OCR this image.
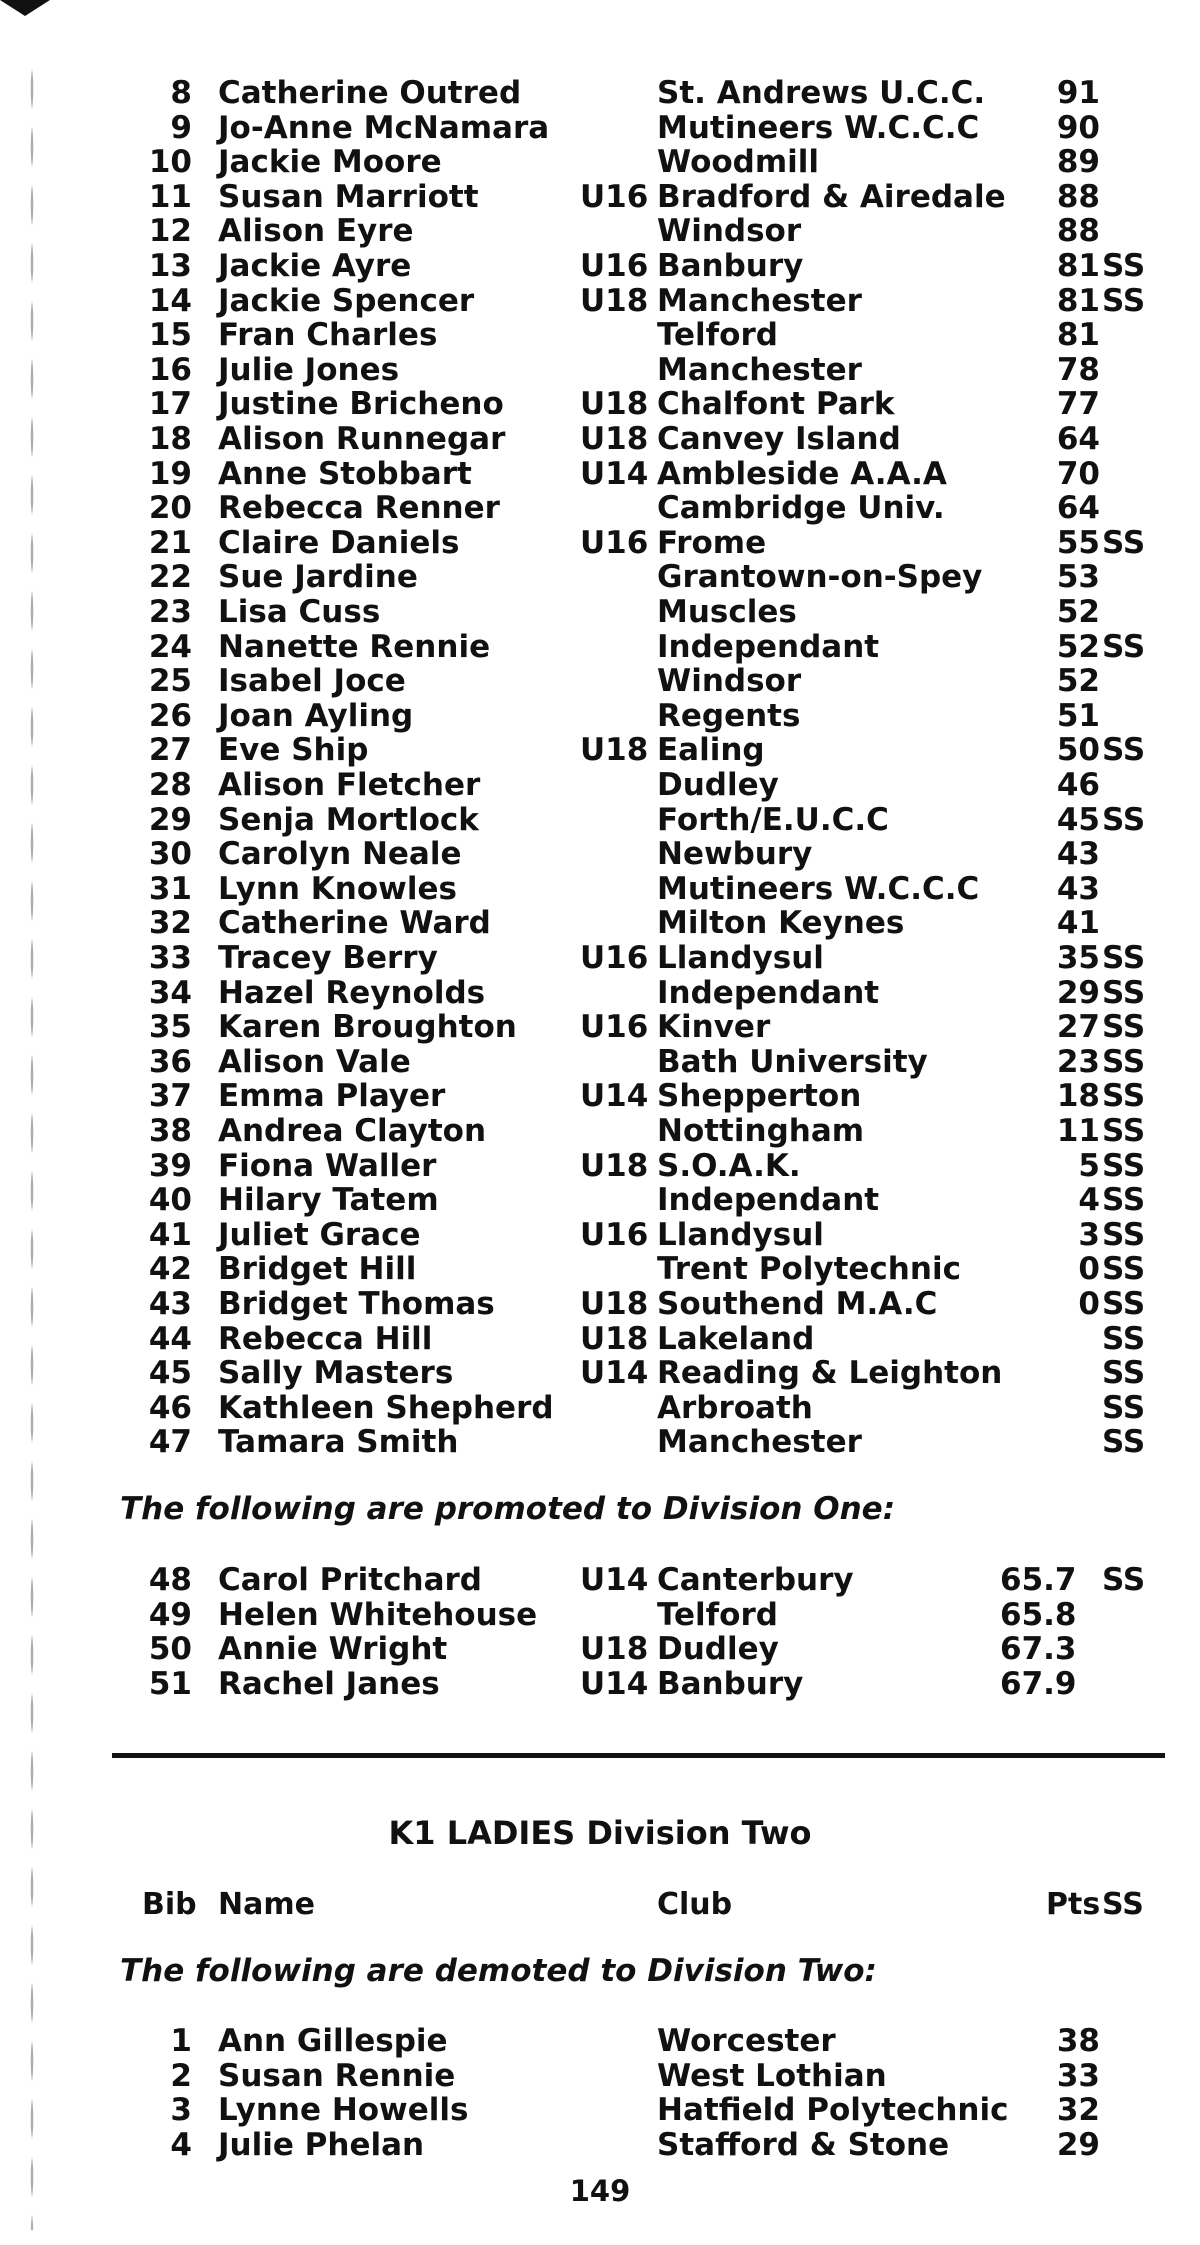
8 Catherine Outred	St. Andrews U.C.C.	91
9 Jo-Anne McNamara	Mutineers W.C.C.C	90
10 Jackie Moore	Woodmill	89
11 Susan Marriott	U16 Bradford & Airedale	88
12 Alison Eyre	Windsor	88
13 Jackie Ayre	U16 Banbury	81 SS
14 Jackie Spencer	U18 Manchester	81 SS
15 Fran Charles	Telford	81
16 Julie Jones	Manchester	78
17 Justine Bricheno U18 Chalfont Park	77
18 Alison Runnegar U18 Canvey Island	64
19 Anne Stobbart	U14 Ambleside A.A.A	70
20 Rebecca Renner	Cambridge Univ.	64
21 Claire Daniels	U16 Frome	55 SS
22 Sue Jardine	Grantown-on-Spey	53
23 Lisa Cuss	Muscles	52
24 Nanette Rennie	Independant	52 SS
25 Isabel Joce	Windsor	52
26 Joan Ayling	Regents	51
27 Eve Ship	U18 Ealing	50 SS
28 Alison Fletcher	Dudley	46
29 Senja Mortlock	Forth/E.U.C.C	45 SS
30 Carolyn Neale	Newbury	43
31 Lynn Knowles	Mutineers W.C.C.C	43
32 Catherine Ward	Milton Keynes	41
33 Tracey Berry	U16 Llandysul	35 SS
34 Hazel Reynolds	Independant	29 SS
35 Karen Broughton U16 Kinver	27 SS
36 Alison Vale	Bath University	23 SS
37 Emma Player	U14 Shepperton	18 SS
38 Andrea Clayton	Nottingham	11 SS
39 Fiona Waller	U18 S.O.A.K.	5 SS
40 Hilary Tatem	Independant	4 SS
41 Juliet Grace	U16 Llandysul	3 SS
42 Bridget Hill	Trent Polytechnic	0 SS
43 Bridget Thomas	U18 Southend M.A.C	0 SS
44 Rebecca Hill	U18 Lakeland	SS
45 Sally Masters	U14 Reading & Leighton	SS
46 Kathleen Shepherd	Arbroath	SS
47 Tamara Smith	Manchester	SS
The following are promoted to Division One:
48 Carol Pritchard	U14 Canterbury	65.7 SS
49 Helen Whitehouse	Telford	65.8
50 Annie Wright	U18 Dudley	67.3
51 Rachel Janes	U14 Banbury	67.9
K1 LADIES Division Two
Bib Name	Club	Pts SS
The following are demoted to Division Two:
1 Ann Gillespie	Worcester	38
2 Susan Rennie	West Lothian	33
3 Lynne Howells	Hatfield Polytechnic	32
4 Julie Phelan	Stafford & Stone	29
149
